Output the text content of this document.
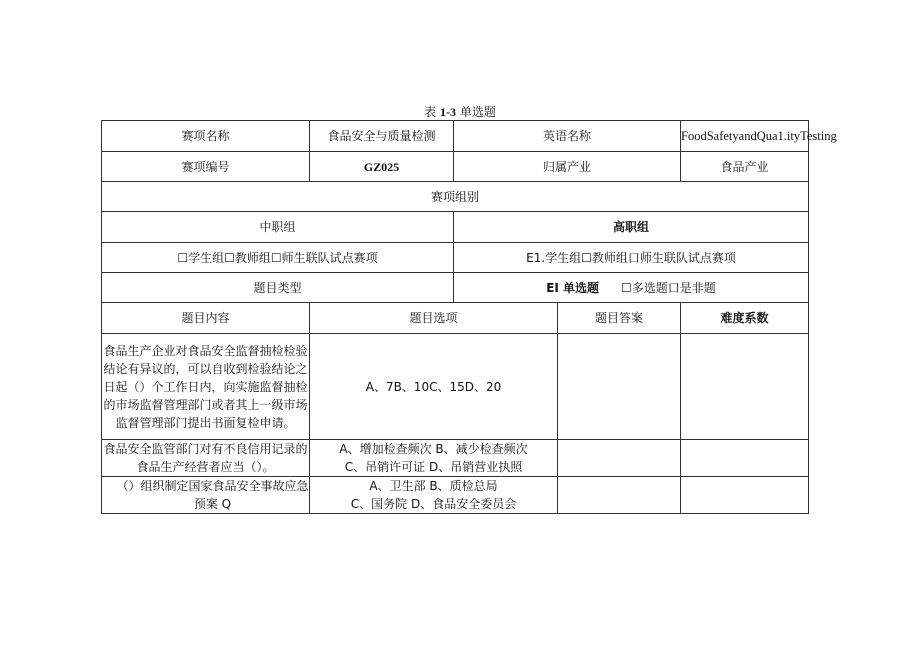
表 1-3 单选题
赛项名称	食品安全与质量检测	英语名称		FoodSafetyandQua1.ityTesting
赛项编号	GZ025	归属产业		食品产业
赛项组别				
中职组		高职组		
☐学生组☐教师组☐师生联队试点赛项		E1.学生组☐教师组口师生联队试点赛项		
题目类型		EI 单选题 ☐多选题口是非题		
题目内容	题目选项		题目答案	难度系数
食品生产企业对食品安全监督抽检检验结论有异议的，可以自收到检验结论之日起（）个工作日内，向实施监督抽检的市场监督管理部门或者其上一级市场监督管理部门提出书面复检申请。	A、7B、10C、15D、20			

食品安全监管部门对有不良信用记录的食品生产经营者应当（）。	A、增加检查频次 B、减少检查频次
C、吊销许可证 D、吊销营业执照			

（）组织制定国家食品安全事故应急预案 Q	A、卫生部 B、质检总局
C、国务院 D、食品安全委员会			
